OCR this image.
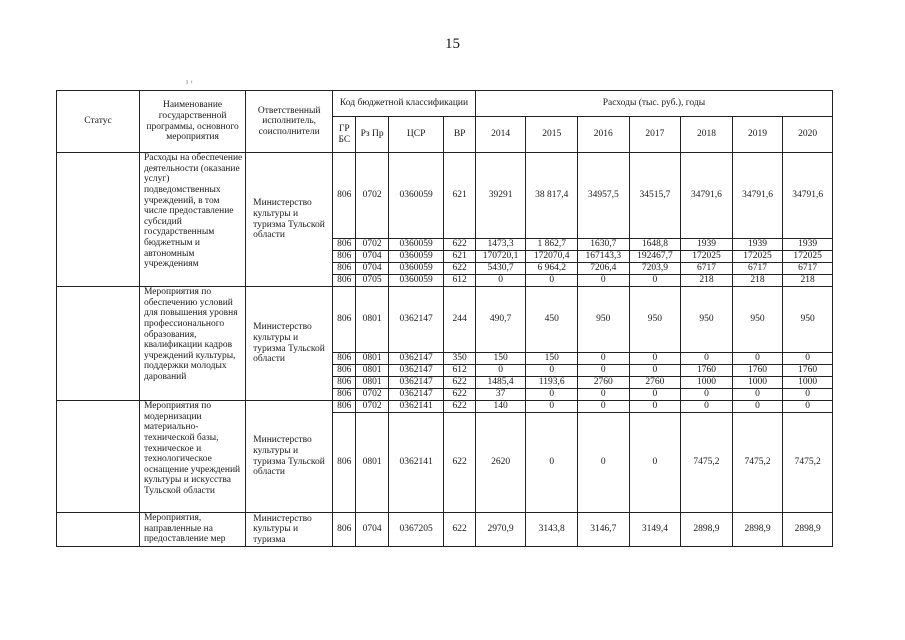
15
ı ‹
Статус	Наименование государственной программы, основного мероприятия	Ответственный исполнитель, соисполнители	Код бюджетной классификации				Расходы (тыс. руб.), годы						
			ГР БС	Рз Пр	ЦСР	ВР	2014	2015	2016	2017	2018	2019	2020
	Расходы на обеспечение деятельности (оказание услуг) подведомственных учреждений, в том числе предоставление субсидий государственным бюджетным и автономным учреждениям	Министерство культуры и туризма Тульской области	806	0702	0360059	621	39291	38 817,4	34957,5	34515,7	34791,6	34791,6	34791,6
			806	0702	0360059	622	1473,3	1 862,7	1630,7	1648,8	1939	1939	1939
			806	0704	0360059	621	170720,1	172070,4	167143,3	192467,7	172025	172025	172025
			806	0704	0360059	622	5430,7	6 964,2	7206,4	7203,9	6717	6717	6717
			806	0705	0360059	612	0	0	0	0	218	218	218
	Мероприятия по обеспечению условий для повышения уровня профессионального образования, квалификации кадров учреждений культуры, поддержки молодых дарований	Министерство культуры и туризма Тульской области	806	0801	0362147	244	490,7	450	950	950	950	950	950
			806	0801	0362147	350	150	150	0	0	0	0	0
			806	0801	0362147	612	0	0	0	0	1760	1760	1760
			806	0801	0362147	622	1485,4	1193,6	2760	2760	1000	1000	1000
			806	0702	0362147	622	37	0	0	0	0	0	0
	Мероприятия по модернизации материально-технической базы, техническое и технологическое оснащение учреждений культуры и искусства Тульской области	Министерство культуры и туризма Тульской области	806	0702	0362141	622	140	0	0	0	0	0	0
			806	0801	0362141	622	2620	0	0	0	7475,2	7475,2	7475,2
	Мероприятия, направленные на предоставление мер	Министерство культуры и туризма	806	0704	0367205	622	2970,9	3143,8	3146,7	3149,4	2898,9	2898,9	2898,9
